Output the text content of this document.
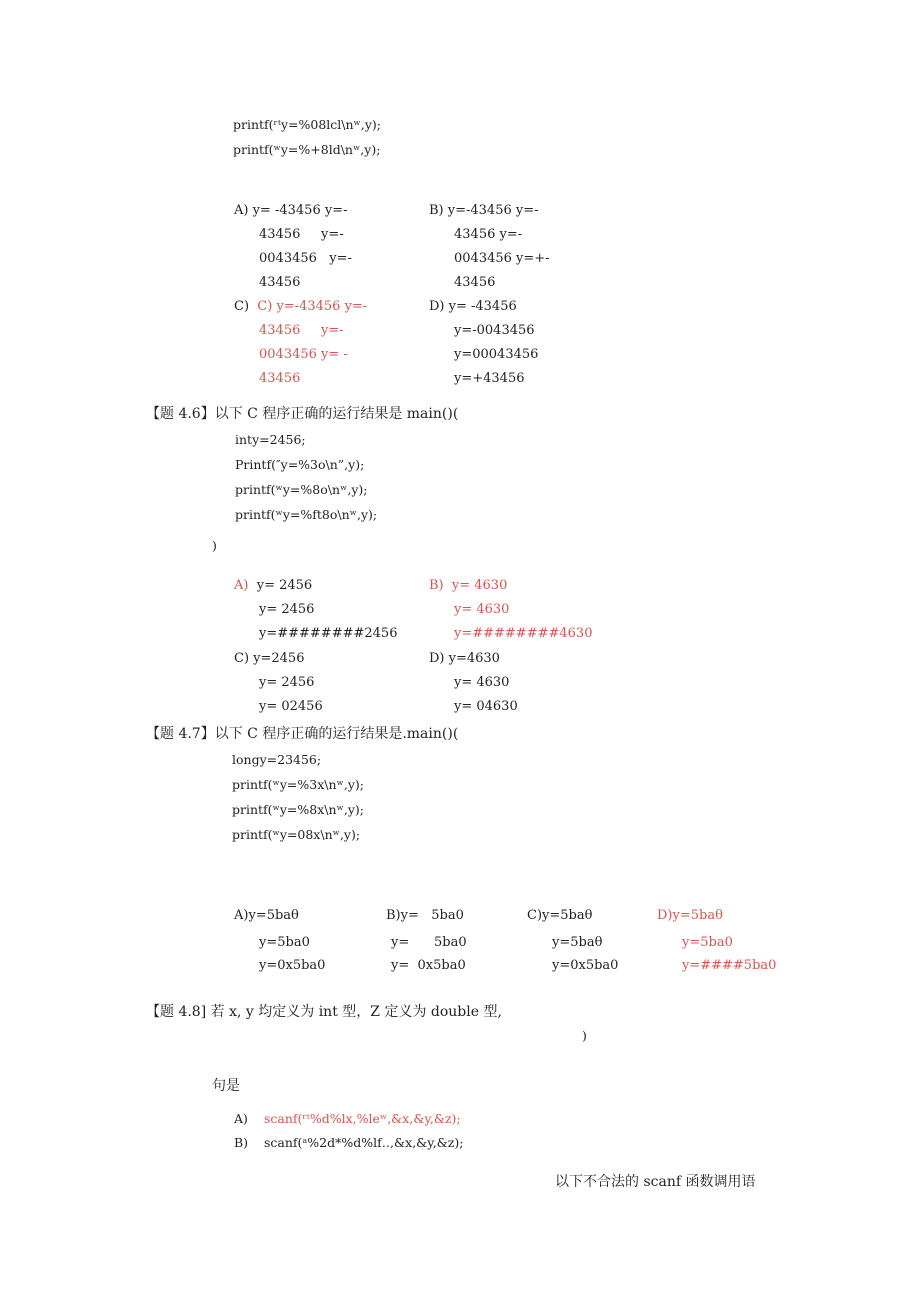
printf(ʳᵗy=%08lcl\nʷ,y);
printf(ʷy=%+8ld\nʷ,y);
A) y= -43456 y=-
43456     y=-
0043456   y=-
43456
B) y=-43456 y=-
43456 y=-
0043456 y=+-
43456
C)  C) y=-43456 y=-
43456     y=-
0043456 y= -
43456
D) y= -43456
y=-0043456
y=00043456
y=+43456
【题 4.6】以下 C 程序正确的运行结果是 main()(
inty=2456;
Printf(″y=%3o\n”,y);
printf(ʷy=%8o\nʷ,y);
printf(ʷy=%ft8o\nʷ,y);
)
A)  y= 2456
y= 2456
y=########2456
B)  y= 4630
y= 4630
y=########4630
C) y=2456
y= 2456
y= 02456
D) y=4630
y= 4630
y= 04630
【题 4.7】以下 C 程序正确的运行结果是.main()(
longy=23456;
printf(ʷy=%3x\nʷ,y);
printf(ʷy=%8x\nʷ,y);
printf(ʷy=08x\nʷ,y);
A)y=5baθ
y=5ba0
y=0x5ba0
B)y=   5ba0
y=      5ba0
y=  0x5ba0
C)y=5baθ
y=5baθ
y=0x5ba0
D)y=5baθ
y=5ba0
y=####5ba0
【题 4.8] 若 x, y 均定义为 int 型，Z 定义为 double 型,
)
句是
A) scanf(ʳᵗ%d%lx,%leʷ,&x,&y,&z);
B) scanf(ᵃ%2d*%d%lf‥,&x,&y,&z);
以下不合法的 scanf 函数调用语
